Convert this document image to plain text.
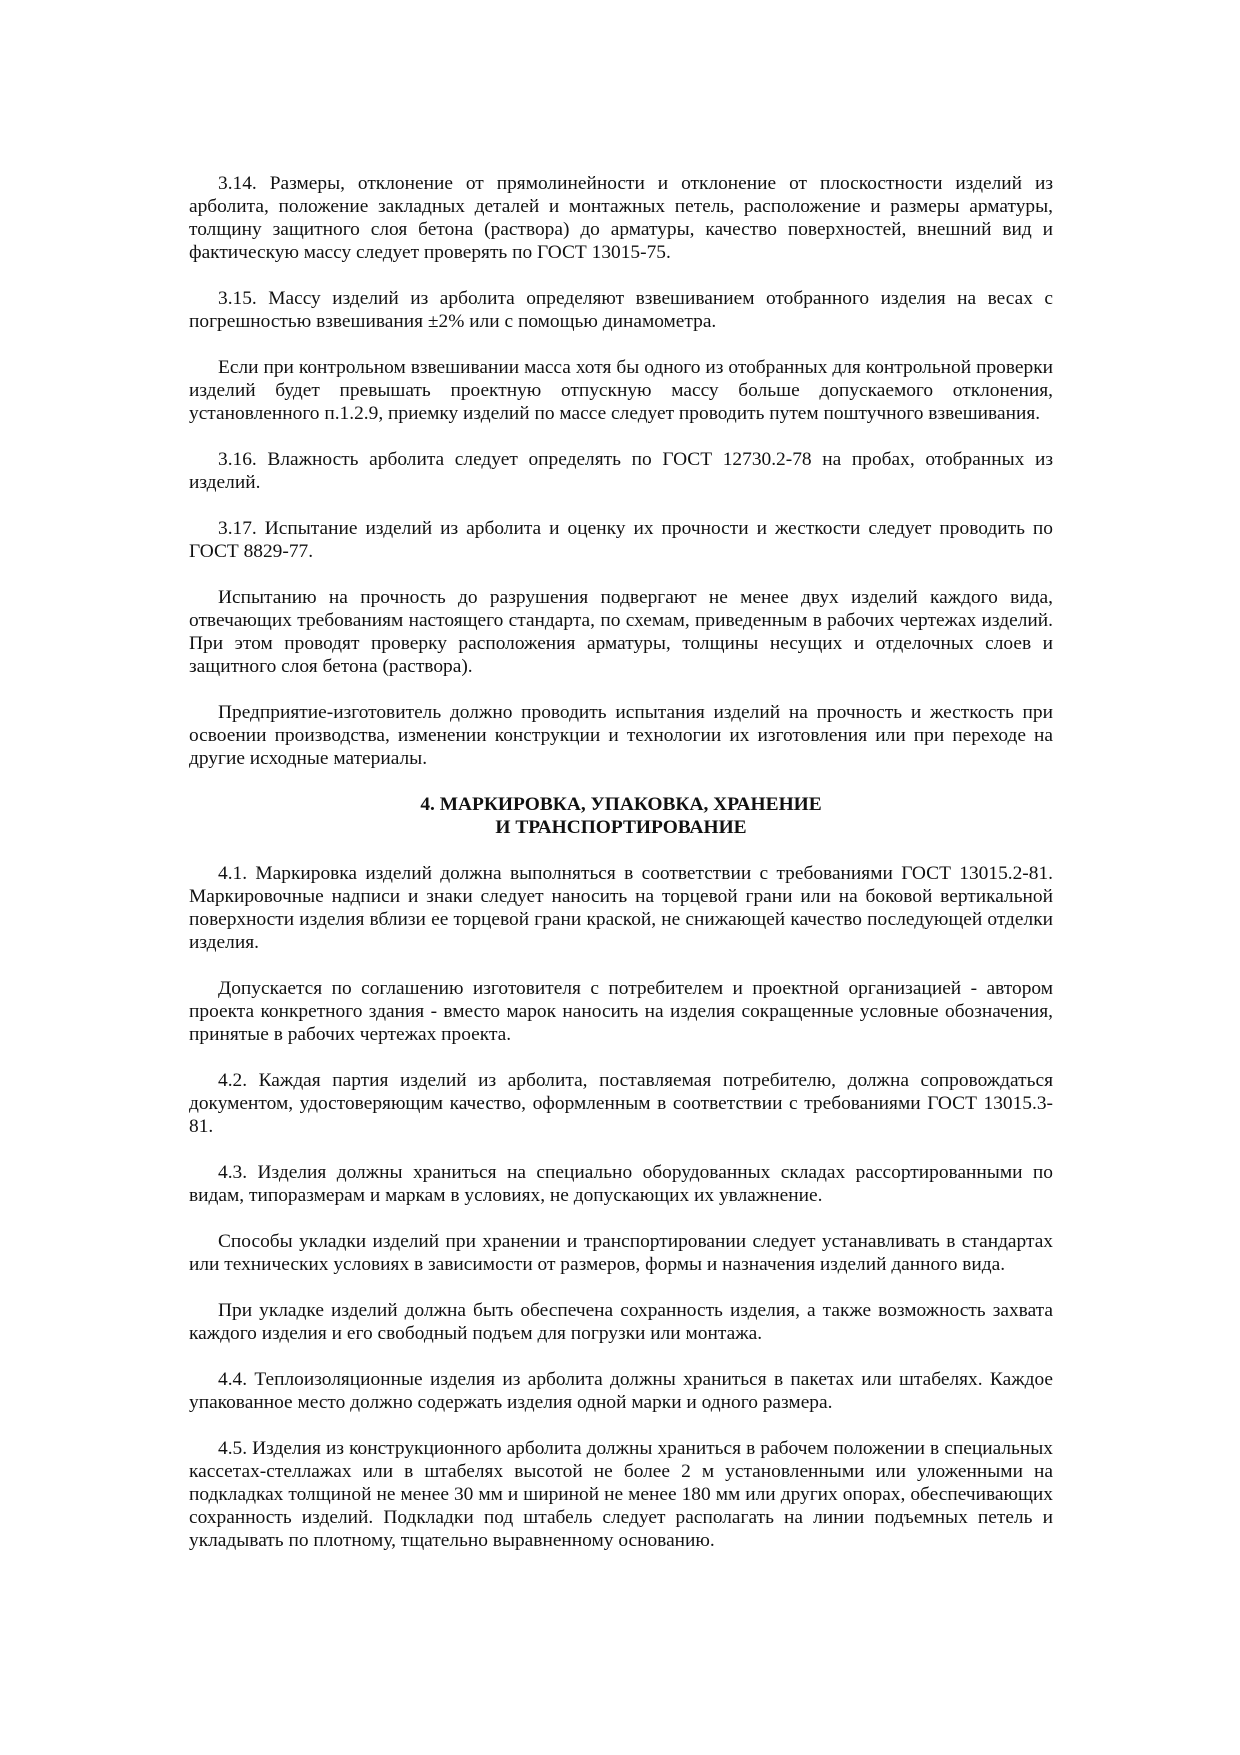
3.14. Размеры, отклонение от прямолинейности и отклонение от плоскостности изделий из арболита, положение закладных деталей и монтажных петель, расположение и размеры арматуры, толщину защитного слоя бетона (раствора) до арматуры, качество поверхностей, внешний вид и фактическую массу следует проверять по ГОСТ 13015-75.

3.15. Массу изделий из арболита определяют взвешиванием отобранного изделия на весах с погрешностью взвешивания ±2% или с помощью динамометра.

Если при контрольном взвешивании масса хотя бы одного из отобранных для контрольной проверки изделий будет превышать проектную отпускную массу больше допускаемого отклонения, установленного п.1.2.9, приемку изделий по массе следует проводить путем поштучного взвешивания.

3.16. Влажность арболита следует определять по ГОСТ 12730.2-78 на пробах, отобранных из изделий.

3.17. Испытание изделий из арболита и оценку их прочности и жесткости следует проводить по ГОСТ 8829-77.

Испытанию на прочность до разрушения подвергают не менее двух изделий каждого вида, отвечающих требованиям настоящего стандарта, по схемам, приведенным в рабочих чертежах изделий. При этом проводят проверку расположения арматуры, толщины несущих и отделочных слоев и защитного слоя бетона (раствора).

Предприятие-изготовитель должно проводить испытания изделий на прочность и жесткость при освоении производства, изменении конструкции и технологии их изготовления или при переходе на другие исходные материалы.

4. МАРКИРОВКА, УПАКОВКА, ХРАНЕНИЕ
И ТРАНСПОРТИРОВАНИЕ

4.1. Маркировка изделий должна выполняться в соответствии с требованиями ГОСТ 13015.2-81. Маркировочные надписи и знаки следует наносить на торцевой грани или на боковой вертикальной поверхности изделия вблизи ее торцевой грани краской, не снижающей качество последующей отделки изделия.

Допускается по соглашению изготовителя с потребителем и проектной организацией - автором проекта конкретного здания - вместо марок наносить на изделия сокращенные условные обозначения, принятые в рабочих чертежах проекта.

4.2. Каждая партия изделий из арболита, поставляемая потребителю, должна сопровождаться документом, удостоверяющим качество, оформленным в соответствии с требованиями ГОСТ 13015.3-81.

4.3. Изделия должны храниться на специально оборудованных складах рассортированными по видам, типоразмерам и маркам в условиях, не допускающих их увлажнение.

Способы укладки изделий при хранении и транспортировании следует устанавливать в стандартах или технических условиях в зависимости от размеров, формы и назначения изделий данного вида.

При укладке изделий должна быть обеспечена сохранность изделия, а также возможность захвата каждого изделия и его свободный подъем для погрузки или монтажа.

4.4. Теплоизоляционные изделия из арболита должны храниться в пакетах или штабелях. Каждое упакованное место должно содержать изделия одной марки и одного размера.

4.5. Изделия из конструкционного арболита должны храниться в рабочем положении в специальных кассетах-стеллажах или в штабелях высотой не более 2 м установленными или уложенными на подкладках толщиной не менее 30 мм и шириной не менее 180 мм или других опорах, обеспечивающих сохранность изделий. Подкладки под штабель следует располагать на линии подъемных петель и укладывать по плотному, тщательно выравненному основанию.
